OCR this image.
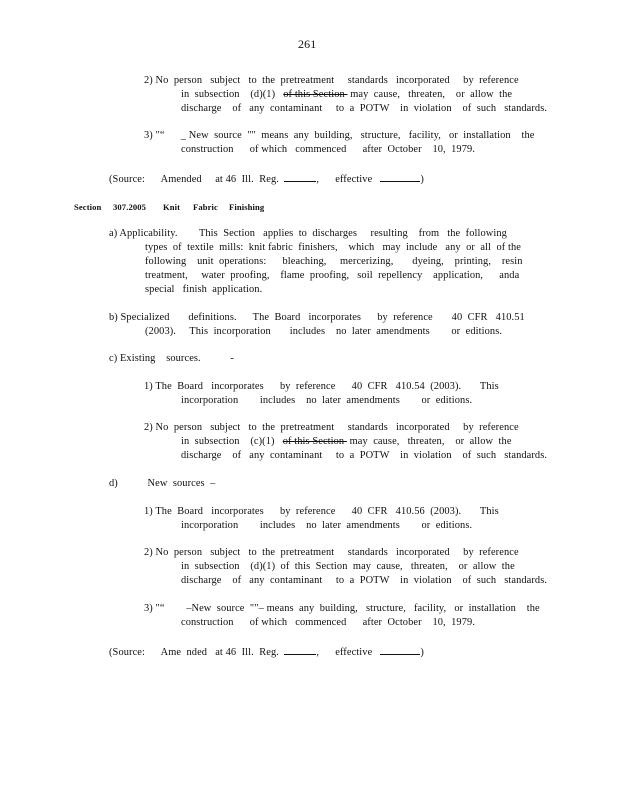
261
2) No  person   subject   to  the  pretreatment     standards   incorporated     by  reference
in  subsection    (d)(1)   of this Section  may  cause,   threaten,    or  allow  the
discharge    of   any  contaminant     to  a  POTW    in  violation    of  such   standards.
3) "“      _ New  source  ""  means  any  building,   structure,   facility,   or  installation    the
construction      of which   commenced      after  October    10,  1979.
(Source:      Amended     at 46  Ill.  Reg.	,      effective	)
Section 307.2005 Knit Fabric Finishing
a) Applicability.        This  Section   applies  to  discharges     resulting    from   the  following
types  of  textile  mills:  knit fabric  finishers,    which   may  include   any  or  all  of the
following    unit  operations:      bleaching,     mercerizing,       dyeing,    printing,    resin
treatment,     water  proofing,    flame  proofing,   soil  repellency    application,      anda
special   finish  application.
b) Specialized       definitions.      The  Board   incorporates      by  reference       40  CFR   410.51
(2003).     This  incorporation       includes    no  later  amendments        or  editions.
c) Existing    sources.           -
1) The  Board   incorporates      by  reference      40  CFR   410.54  (2003).       This
incorporation        includes    no  later  amendments        or  editions.
2) No  person   subject   to  the  pretreatment     standards   incorporated     by  reference
in  subsection    (c)(1)   of this Section  may  cause,   threaten,    or  allow  the
discharge    of   any  contaminant     to  a  POTW    in  violation    of  such   standards.
d)           New  sources  –
1) The  Board   incorporates      by  reference      40  CFR   410.56  (2003).       This
incorporation        includes    no  later  amendments        or  editions.
2) No  person   subject   to  the  pretreatment     standards   incorporated     by  reference
in  subsection    (d)(1)  of  this  Section  may  cause,   threaten,    or  allow  the
discharge    of   any  contaminant     to  a  POTW    in  violation    of  such   standards.
3) "“        –New  source  ""– means  any  building,   structure,   facility,   or  installation    the
construction      of which   commenced      after  October    10,  1979.
(Source:      Ame  nded   at 46  Ill.  Reg.	,      effective	)
